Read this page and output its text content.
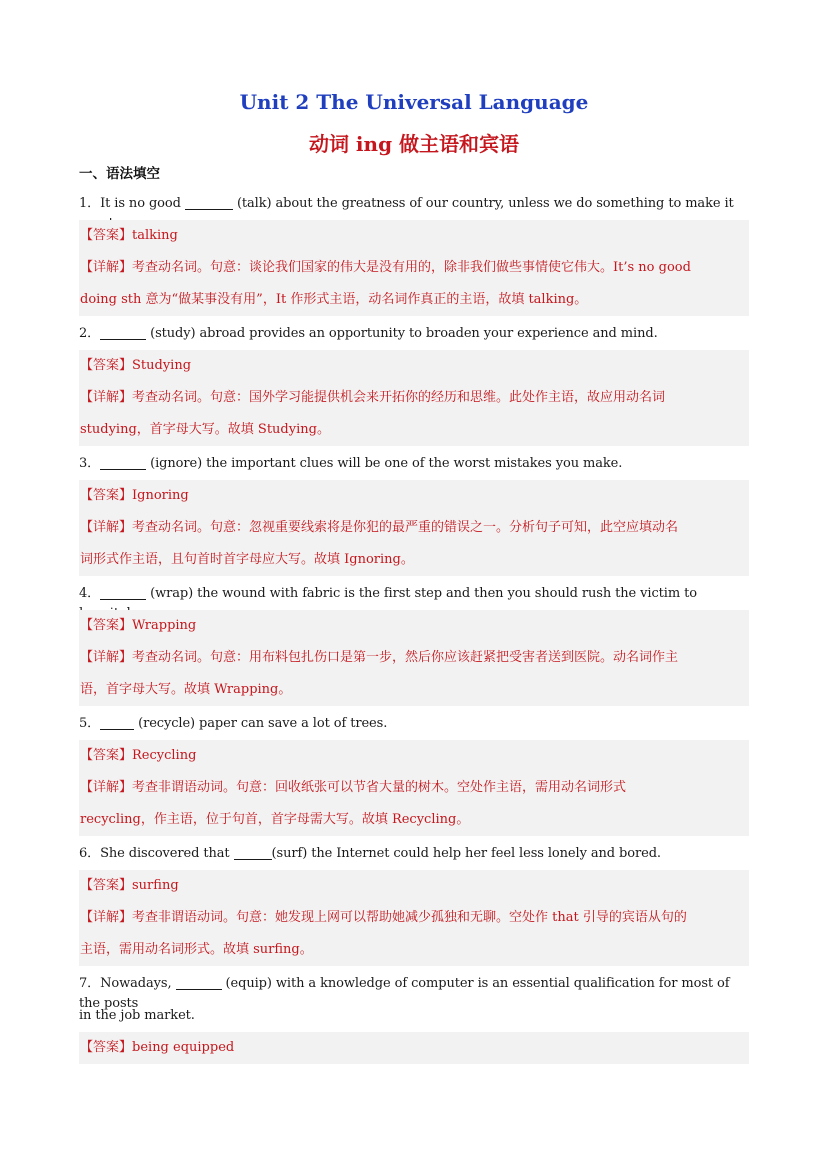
Unit 2 The Universal Language
动词 ing 做主语和宾语
一、语法填空
1．It is no good	(talk) about the greatness of our country, unless we do something to make it
【答案】talking
【详解】考查动名词。句意：谈论我们国家的伟大是没有用的，除非我们做些事情使它伟大。It’s no good
doing sth 意为“做某事没有用”，It 作形式主语，动名词作真正的主语，故填 talking。
2．	(study) abroad provides an opportunity to broaden your experience and mind.
【答案】Studying
【详解】考查动名词。句意：国外学习能提供机会来开拓你的经历和思维。此处作主语，故应用动名词
studying，首字母大写。故填 Studying。
3．	(ignore) the important clues will be one of the worst mistakes you make.
【答案】Ignoring
【详解】考查动名词。句意：忽视重要线索将是你犯的最严重的错误之一。分析句子可知，此空应填动名
词形式作主语，且句首时首字母应大写。故填 Ignoring。
4．	(wrap) the wound with fabric is the first step and then you should rush the victim to
【答案】Wrapping
【详解】考查动名词。句意：用布料包扎伤口是第一步，然后你应该赶紧把受害者送到医院。动名词作主
语，首字母大写。故填 Wrapping。
5．	(recycle) paper can save a lot of trees.
【答案】Recycling
【详解】考查非谓语动词。句意：回收纸张可以节省大量的树木。空处作主语，需用动名词形式
recycling，作主语，位于句首，首字母需大写。故填 Recycling。
6．She discovered that	(surf) the Internet could help her feel less lonely and bored.
【答案】surfing
【详解】考查非谓语动词。句意：她发现上网可以帮助她减少孤独和无聊。空处作 that 引导的宾语从句的
主语，需用动名词形式。故填 surfing。
7．Nowadays,	(equip) with a knowledge of computer is an essential qualification for most of the posts
in the job market.
【答案】being equipped
